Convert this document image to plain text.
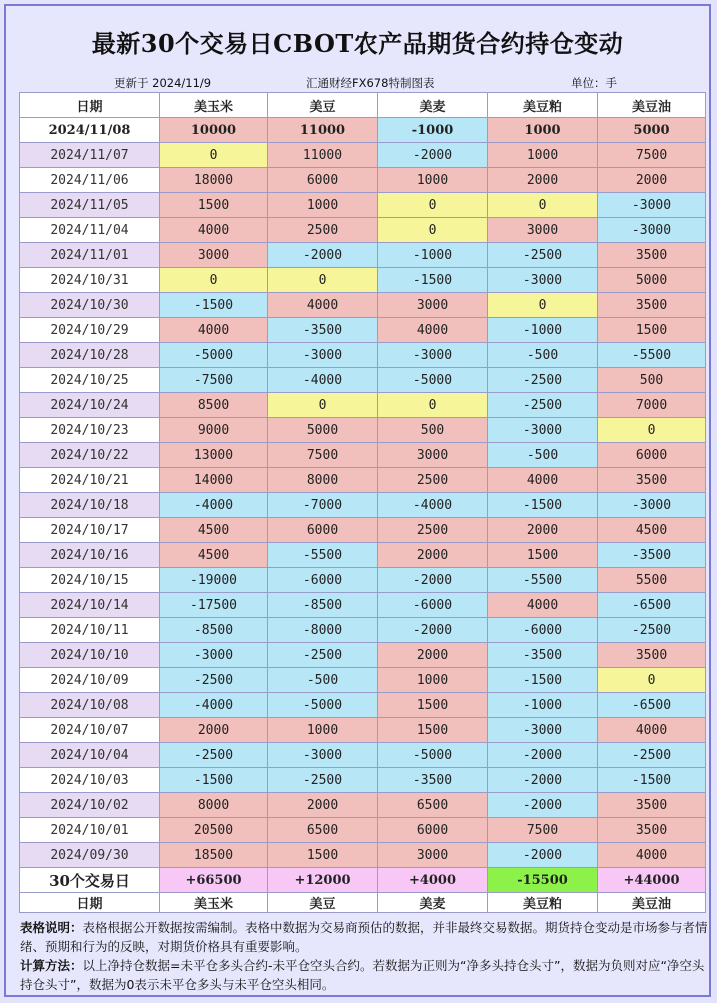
最新30个交易日CBOT农产品期货合约持仓变动
更新于 2024/11/9	汇通财经FX678特制图表	单位：手
日期	美玉米	美豆	美麦	美豆粕	美豆油
2024/11/08	10000	11000	-1000	1000	5000
2024/11/07	0	11000	-2000	1000	7500
2024/11/06	18000	6000	1000	2000	2000
2024/11/05	1500	1000	0	0	-3000
2024/11/04	4000	2500	0	3000	-3000
2024/11/01	3000	-2000	-1000	-2500	3500
2024/10/31	0	0	-1500	-3000	5000
2024/10/30	-1500	4000	3000	0	3500
2024/10/29	4000	-3500	4000	-1000	1500
2024/10/28	-5000	-3000	-3000	-500	-5500
2024/10/25	-7500	-4000	-5000	-2500	500
2024/10/24	8500	0	0	-2500	7000
2024/10/23	9000	5000	500	-3000	0
2024/10/22	13000	7500	3000	-500	6000
2024/10/21	14000	8000	2500	4000	3500
2024/10/18	-4000	-7000	-4000	-1500	-3000
2024/10/17	4500	6000	2500	2000	4500
2024/10/16	4500	-5500	2000	1500	-3500
2024/10/15	-19000	-6000	-2000	-5500	5500
2024/10/14	-17500	-8500	-6000	4000	-6500
2024/10/11	-8500	-8000	-2000	-6000	-2500
2024/10/10	-3000	-2500	2000	-3500	3500
2024/10/09	-2500	-500	1000	-1500	0
2024/10/08	-4000	-5000	1500	-1000	-6500
2024/10/07	2000	1000	1500	-3000	4000
2024/10/04	-2500	-3000	-5000	-2000	-2500
2024/10/03	-1500	-2500	-3500	-2000	-1500
2024/10/02	8000	2000	6500	-2000	3500
2024/10/01	20500	6500	6000	7500	3500
2024/09/30	18500	1500	3000	-2000	4000
30个交易日	+66500	+12000	+4000	-15500	+44000
日期	美玉米	美豆	美麦	美豆粕	美豆油
表格说明：表格根据公开数据按需编制。表格中数据为交易商预估的数据，并非最终交易数据。期货持仓变动是市场参与者情绪、预期和行为的反映，对期货价格具有重要影响。
计算方法：以上净持仓数据=未平仓多头合约-未平仓空头合约。若数据为正则为“净多头持仓头寸”，数据为负则对应“净空头持仓头寸”，数据为0表示未平仓多头与未平仓空头相同。
